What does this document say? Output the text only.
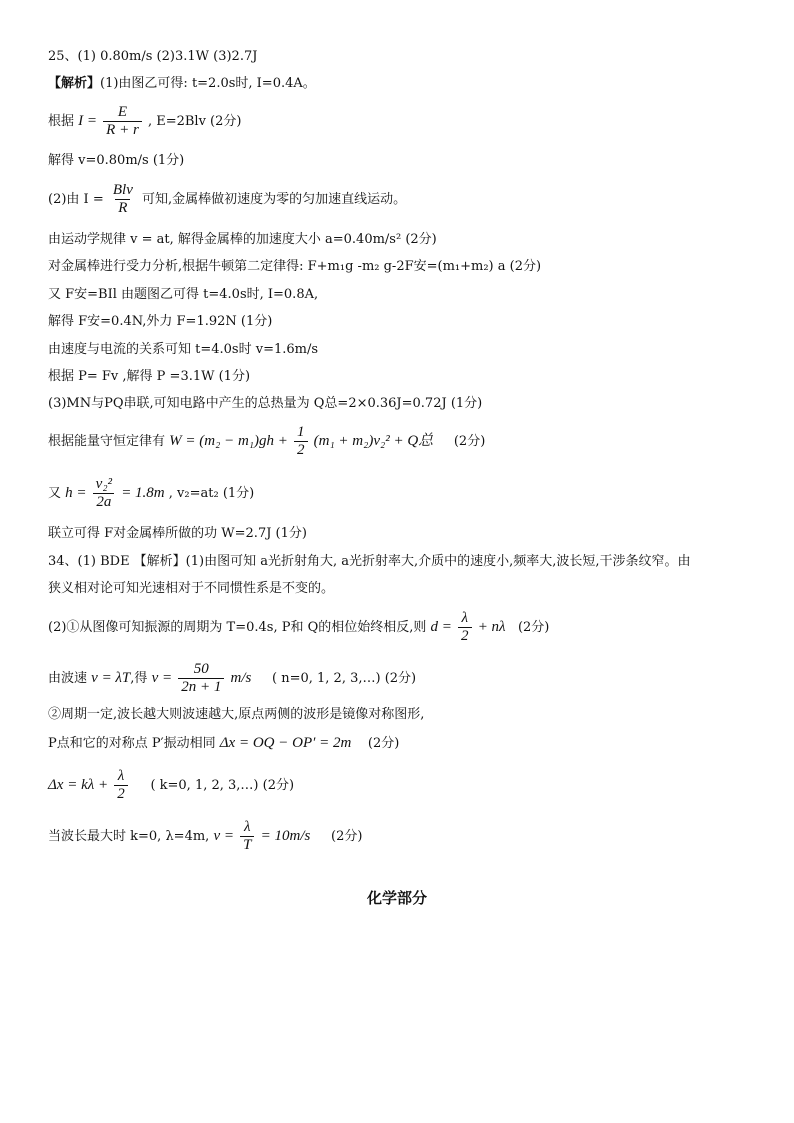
25、(1) 0.80m/s (2)3.1W (3)2.7J
【解析】(1)由图乙可得: t=2.0s时, I=0.4A。
根据 $I = \frac{E}{R + r}$ , E=2Blv (2分)
解得 v=0.80m/s (1分)
(2)由 $I = \frac{\text{Blv}}{R}$ 可知,金属棒做初速度为零的匀加速直线运动。
由运动学规律 v = at, 解得金属棒的加速度大小 a=0.40m/s² (2分)
对金属棒进行受力分析,根据牛顿第二定律得: F+m₁g -m₂ g-2F安=(m₁+m₂) a (2分)
又 F安=BIl 由题图乙可得 t=4.0s时, I=0.8A,
解得 F安=0.4N,外力 F=1.92N (1分)
由速度与电流的关系可知 t=4.0s时 v=1.6m/s
根据 P= Fv ,解得 P =3.1W (1分)
(3)MN与PQ串联,可知电路中产生的总热量为 Q总=2×0.36J=0.72J (1分)
根据能量守恒定律有 $W = (m_2 - m_1)gh + \frac{1}{2} (m_1 + m_2)v_2^2 + Q$总 (2分)
又 $h = \frac{\text{v₂²}}{2a} = 1.8m$ , v₂=at₂ (1分)
联立可得 F对金属棒所做的功 W=2.7J (1分)
34、(1) BDE 【解析】(1)由图可知 a光折射角大, a光折射率大,介质中的速度小,频率大,波长短,干涉条纹窄。由
狭义相对论可知光速相对于不同惯性系是不变的。
(2)①从图像可知振源的周期为 T=0.4s, P和 Q的相位始终相反,则 $d = \frac{\lambda}{2} + n\lambda$ (2分)
由波速 v = λT,得 $v = \frac{50}{2n + 1} m/s$ ( n=0, 1, 2, 3,…) (2分)
②周期一定,波长越大则波速越大,原点两侧的波形是镜像对称图形,
P点和它的对称点 P′振动相同 Δx = OQ − OP′ = 2m (2分)
$\Delta x = k\lambda + \frac{\lambda}{2}$ ( k=0, 1, 2, 3,…) (2分)
当波长最大时 k=0, λ=4m, $v = \frac{\lambda}{T} = 10m/s$ (2分)
化学部分
